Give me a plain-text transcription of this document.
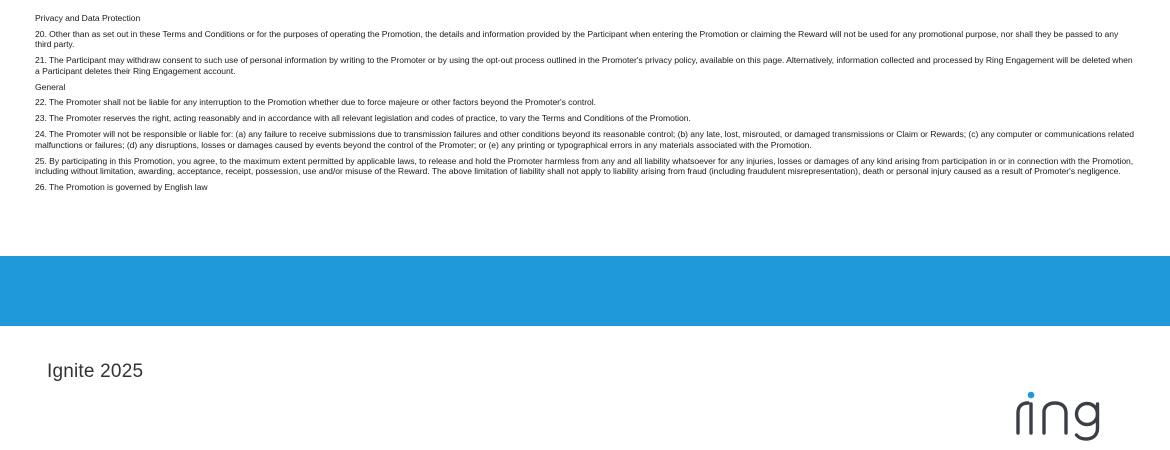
Privacy and Data Protection

20. Other than as set out in these Terms and Conditions or for the purposes of operating the Promotion, the details and information provided by the Participant when entering the Promotion or claiming the Reward will not be used for any promotional purpose, nor shall they be passed to any third party.

21. The Participant may withdraw consent to such use of personal information by writing to the Promoter or by using the opt-out process outlined in the Promoter's privacy policy, available on this page. Alternatively, information collected and processed by Ring Engagement will be deleted when a Participant deletes their Ring Engagement account.

General

22. The Promoter shall not be liable for any interruption to the Promotion whether due to force majeure or other factors beyond the Promoter's control.

23. The Promoter reserves the right, acting reasonably and in accordance with all relevant legislation and codes of practice, to vary the Terms and Conditions of the Promotion.

24. The Promoter will not be responsible or liable for: (a) any failure to receive submissions due to transmission failures and other conditions beyond its reasonable control; (b) any late, lost, misrouted, or damaged transmissions or Claim or Rewards; (c) any computer or communications related malfunctions or failures; (d) any disruptions, losses or damages caused by events beyond the control of the Promoter; or (e) any printing or typographical errors in any materials associated with the Promotion.

25. By participating in this Promotion, you agree, to the maximum extent permitted by applicable laws, to release and hold the Promoter harmless from any and all liability whatsoever for any injuries, losses or damages of any kind arising from participation in or in connection with the Promotion, including without limitation, awarding, acceptance, receipt, possession, use and/or misuse of the Reward. The above limitation of liability shall not apply to liability arising from fraud (including fraudulent misrepresentation), death or personal injury caused as a result of Promoter's negligence.

26. The Promotion is governed by English law

Ignite 2025
